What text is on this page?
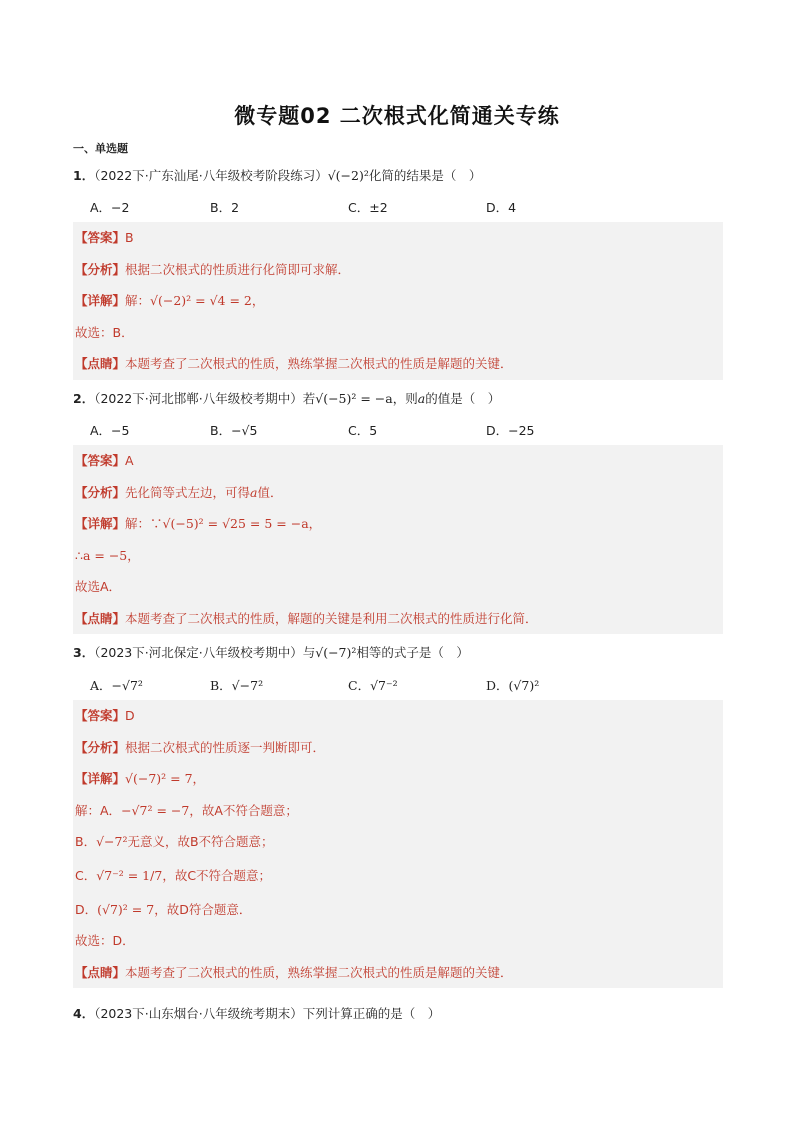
微专题02 二次根式化简通关专练
一、单选题
1．（2022下·广东汕尾·八年级校考阶段练习）√(−2)²化简的结果是（　）
A．−2	B．2	C．±2	D．4
【答案】B
【分析】根据二次根式的性质进行化简即可求解．
【详解】解：√(−2)² = √4 = 2，
故选：B．
【点睛】本题考查了二次根式的性质，熟练掌握二次根式的性质是解题的关键．
2．（2022下·河北邯郸·八年级校考期中）若√(−5)² = −a，则a的值是（　）
A．−5	B．−√5	C．5	D．−25
【答案】A
【分析】先化简等式左边，可得a值．
【详解】解：∵√(−5)² = √25 = 5 = −a，
∴a = −5，
故选A．
【点睛】本题考查了二次根式的性质，解题的关键是利用二次根式的性质进行化简．
3．（2023下·河北保定·八年级校考期中）与√(−7)²相等的式子是（　）
A．−√7²	B．√−7²	C．√7⁻²	D．(√7)²
【答案】D
【分析】根据二次根式的性质逐一判断即可．
【详解】√(−7)² = 7，
解：A．−√7² = −7，故A不符合题意；
B．√−7²无意义，故B不符合题意；
C．√7⁻² = 1/7，故C不符合题意；
D．(√7)² = 7，故D符合题意．
故选：D．
【点睛】本题考查了二次根式的性质，熟练掌握二次根式的性质是解题的关键．
4．（2023下·山东烟台·八年级统考期末）下列计算正确的是（　）
